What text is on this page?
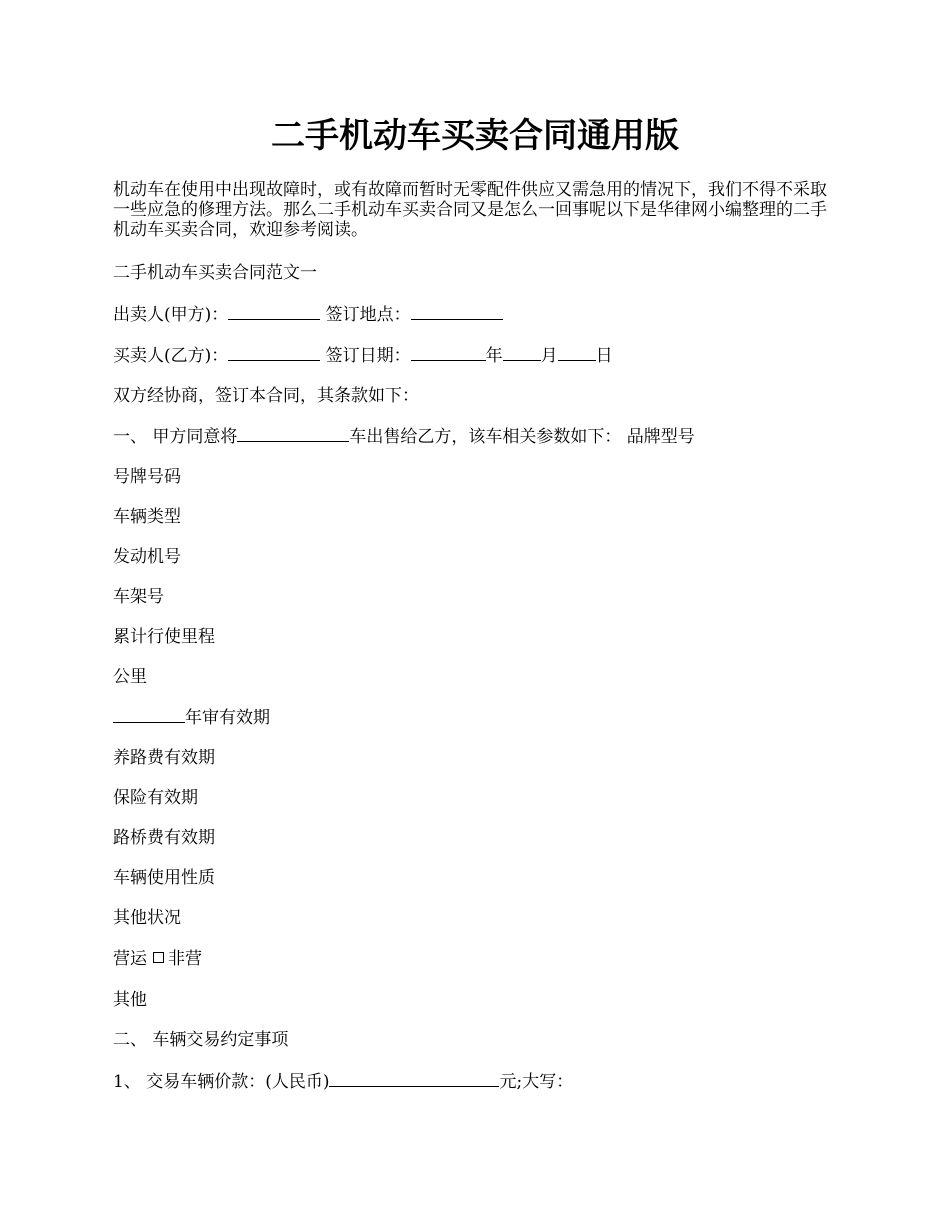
二手机动车买卖合同通用版

机动车在使用中出现故障时，或有故障而暂时无零配件供应又需急用的情况下，我们不得不采取一些应急的修理方法。那么二手机动车买卖合同又是怎么一回事呢以下是华律网小编整理的二手机动车买卖合同，欢迎参考阅读。

二手机动车买卖合同范文一

出卖人(甲方)：	签订地点：

买卖人(乙方)：	签订日期：	年 月 日

双方经协商，签订本合同，其条款如下：

一、 甲方同意将	车出售给乙方，该车相关参数如下： 品牌型号

号牌号码

车辆类型

发动机号

车架号

累计行使里程

公里

年审有效期

养路费有效期

保险有效期

路桥费有效期

车辆使用性质

其他状况

营运 非营

其他

二、 车辆交易约定事项

1、 交易车辆价款：(人民币)	元;大写：
